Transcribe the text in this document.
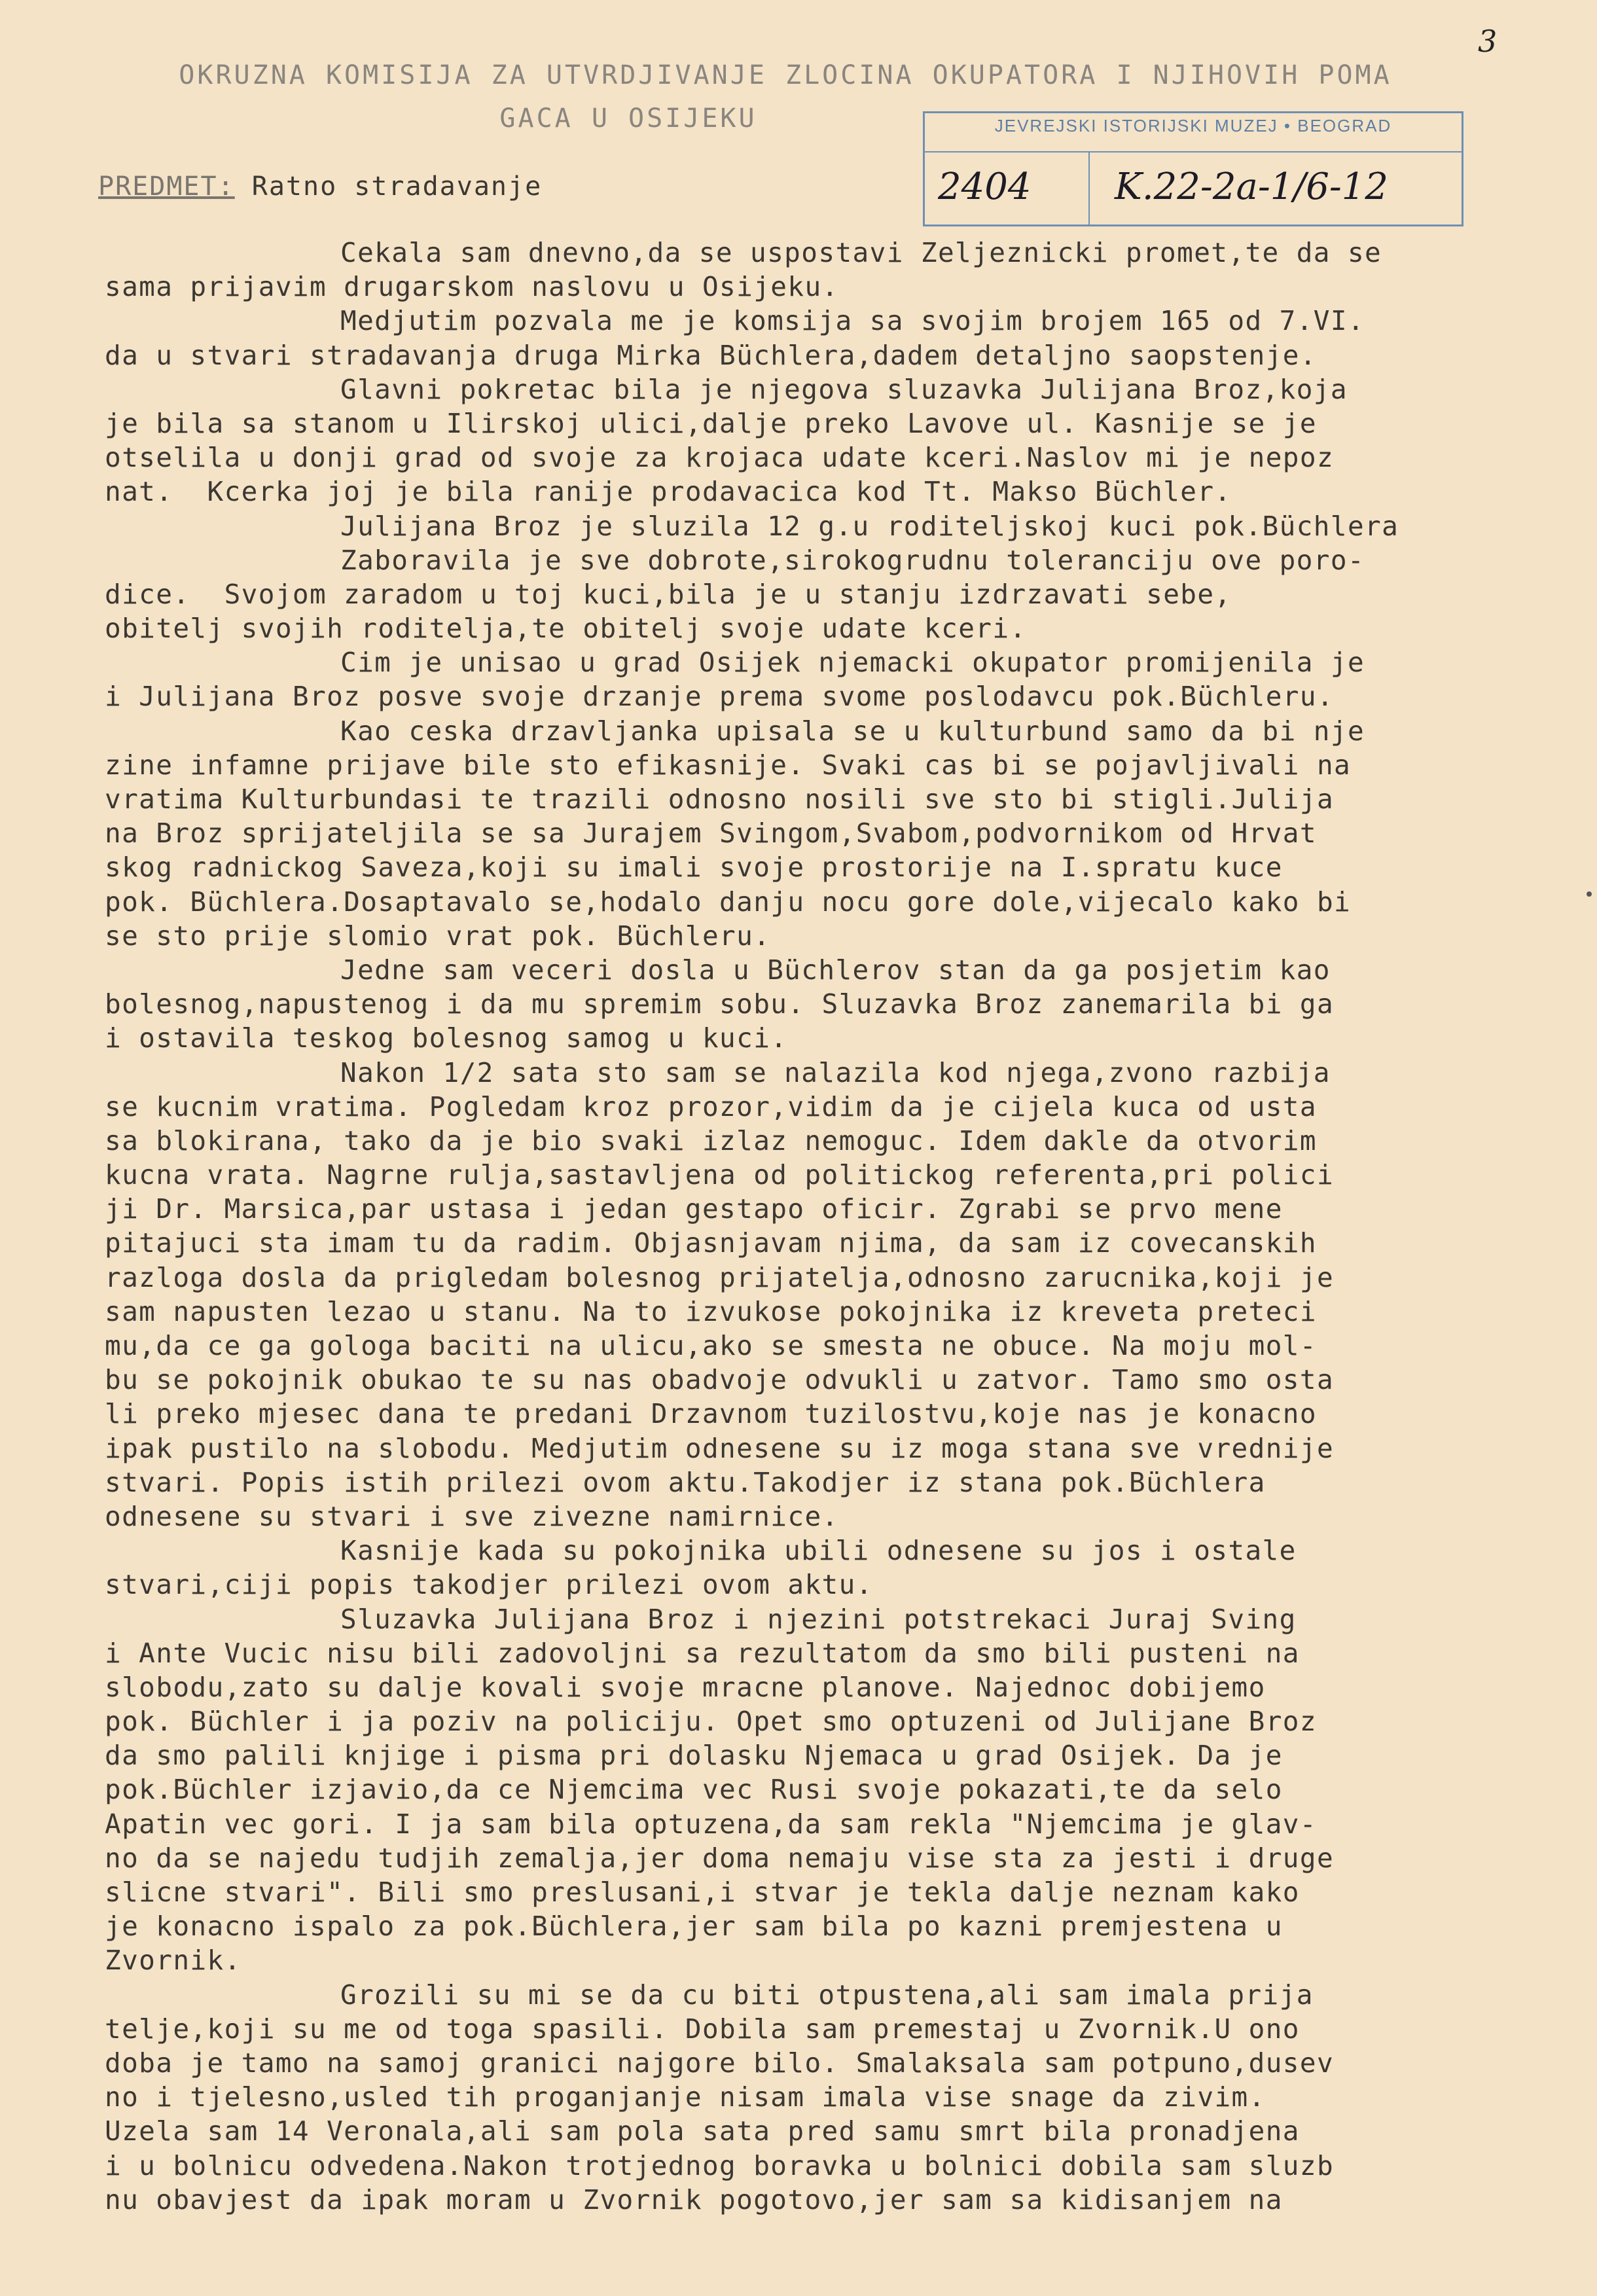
3
OKRUZNA KOMISIJA ZA UTVRDJIVANJE ZLOCINA OKUPATORA I NJIHOVIH POMA
GACA U OSIJEKU	JEVREJSKI ISTORIJSKI MUZEJ • BEOGRAD
2404 K.22-2a-1/6-12
PREDMET: Ratno stradavanje
Cekala sam dnevno,da se uspostavi Zeljeznicki promet,te da se
sama prijavim drugarskom naslovu u Osijeku.
Medjutim pozvala me je komsija sa svojim brojem 165 od 7.VI.
da u stvari stradavanja druga Mirka Büchlera,dadem detaljno saopstenje.
Glavni pokretac bila je njegova sluzavka Julijana Broz,koja
je bila sa stanom u Ilirskoj ulici,dalje preko Lavove ul. Kasnije se je
otselila u donji grad od svoje za krojaca udate kceri.Naslov mi je nepoz
nat.  Kcerka joj je bila ranije prodavacica kod Tt. Makso Büchler.
Julijana Broz je sluzila 12 g.u roditeljskoj kuci pok.Büchlera
Zaboravila je sve dobrote,sirokogrudnu toleranciju ove poro-
dice.  Svojom zaradom u toj kuci,bila je u stanju izdrzavati sebe,
obitelj svojih roditelja,te obitelj svoje udate kceri.
Cim je unisao u grad Osijek njemacki okupator promijenila je
i Julijana Broz posve svoje drzanje prema svome poslodavcu pok.Büchleru.
Kao ceska drzavljanka upisala se u kulturbund samo da bi nje
zine infamne prijave bile sto efikasnije. Svaki cas bi se pojavljivali na
vratima Kulturbundasi te trazili odnosno nosili sve sto bi stigli.Julija
na Broz sprijateljila se sa Jurajem Svingom,Svabom,podvornikom od Hrvat
skog radnickog Saveza,koji su imali svoje prostorije na I.spratu kuce
pok. Büchlera.Dosaptavalo se,hodalo danju nocu gore dole,vijecalo kako bi
se sto prije slomio vrat pok. Büchleru.
Jedne sam veceri dosla u Büchlerov stan da ga posjetim kao
bolesnog,napustenog i da mu spremim sobu. Sluzavka Broz zanemarila bi ga
i ostavila teskog bolesnog samog u kuci.
Nakon 1/2 sata sto sam se nalazila kod njega,zvono razbija
se kucnim vratima. Pogledam kroz prozor,vidim da je cijela kuca od usta
sa blokirana, tako da je bio svaki izlaz nemoguc. Idem dakle da otvorim
kucna vrata. Nagrne rulja,sastavljena od politickog referenta,pri polici
ji Dr. Marsica,par ustasa i jedan gestapo oficir. Zgrabi se prvo mene
pitajuci sta imam tu da radim. Objasnjavam njima, da sam iz covecanskih
razloga dosla da prigledam bolesnog prijatelja,odnosno zarucnika,koji je
sam napusten lezao u stanu. Na to izvukose pokojnika iz kreveta preteci
mu,da ce ga gologa baciti na ulicu,ako se smesta ne obuce. Na moju mol-
bu se pokojnik obukao te su nas obadvoje odvukli u zatvor. Tamo smo osta
li preko mjesec dana te predani Drzavnom tuzilostvu,koje nas je konacno
ipak pustilo na slobodu. Medjutim odnesene su iz moga stana sve vrednije
stvari. Popis istih prilezi ovom aktu.Takodjer iz stana pok.Büchlera
odnesene su stvari i sve zivezne namirnice.
Kasnije kada su pokojnika ubili odnesene su jos i ostale
stvari,ciji popis takodjer prilezi ovom aktu.
Sluzavka Julijana Broz i njezini potstrekaci Juraj Sving
i Ante Vucic nisu bili zadovoljni sa rezultatom da smo bili pusteni na
slobodu,zato su dalje kovali svoje mracne planove. Najednoc dobijemo
pok. Büchler i ja poziv na policiju. Opet smo optuzeni od Julijane Broz
da smo palili knjige i pisma pri dolasku Njemaca u grad Osijek. Da je
pok.Büchler izjavio,da ce Njemcima vec Rusi svoje pokazati,te da selo
Apatin vec gori. I ja sam bila optuzena,da sam rekla "Njemcima je glav-
no da se najedu tudjih zemalja,jer doma nemaju vise sta za jesti i druge
slicne stvari". Bili smo preslusani,i stvar je tekla dalje neznam kako
je konacno ispalo za pok.Büchlera,jer sam bila po kazni premjestena u
Zvornik.
Grozili su mi se da cu biti otpustena,ali sam imala prija
telje,koji su me od toga spasili. Dobila sam premestaj u Zvornik.U ono
doba je tamo na samoj granici najgore bilo. Smalaksala sam potpuno,dusev
no i tjelesno,usled tih proganjanje nisam imala vise snage da zivim.
Uzela sam 14 Veronala,ali sam pola sata pred samu smrt bila pronadjena
i u bolnicu odvedena.Nakon trotjednog boravka u bolnici dobila sam sluzb
nu obavjest da ipak moram u Zvornik pogotovo,jer sam sa kidisanjem na
